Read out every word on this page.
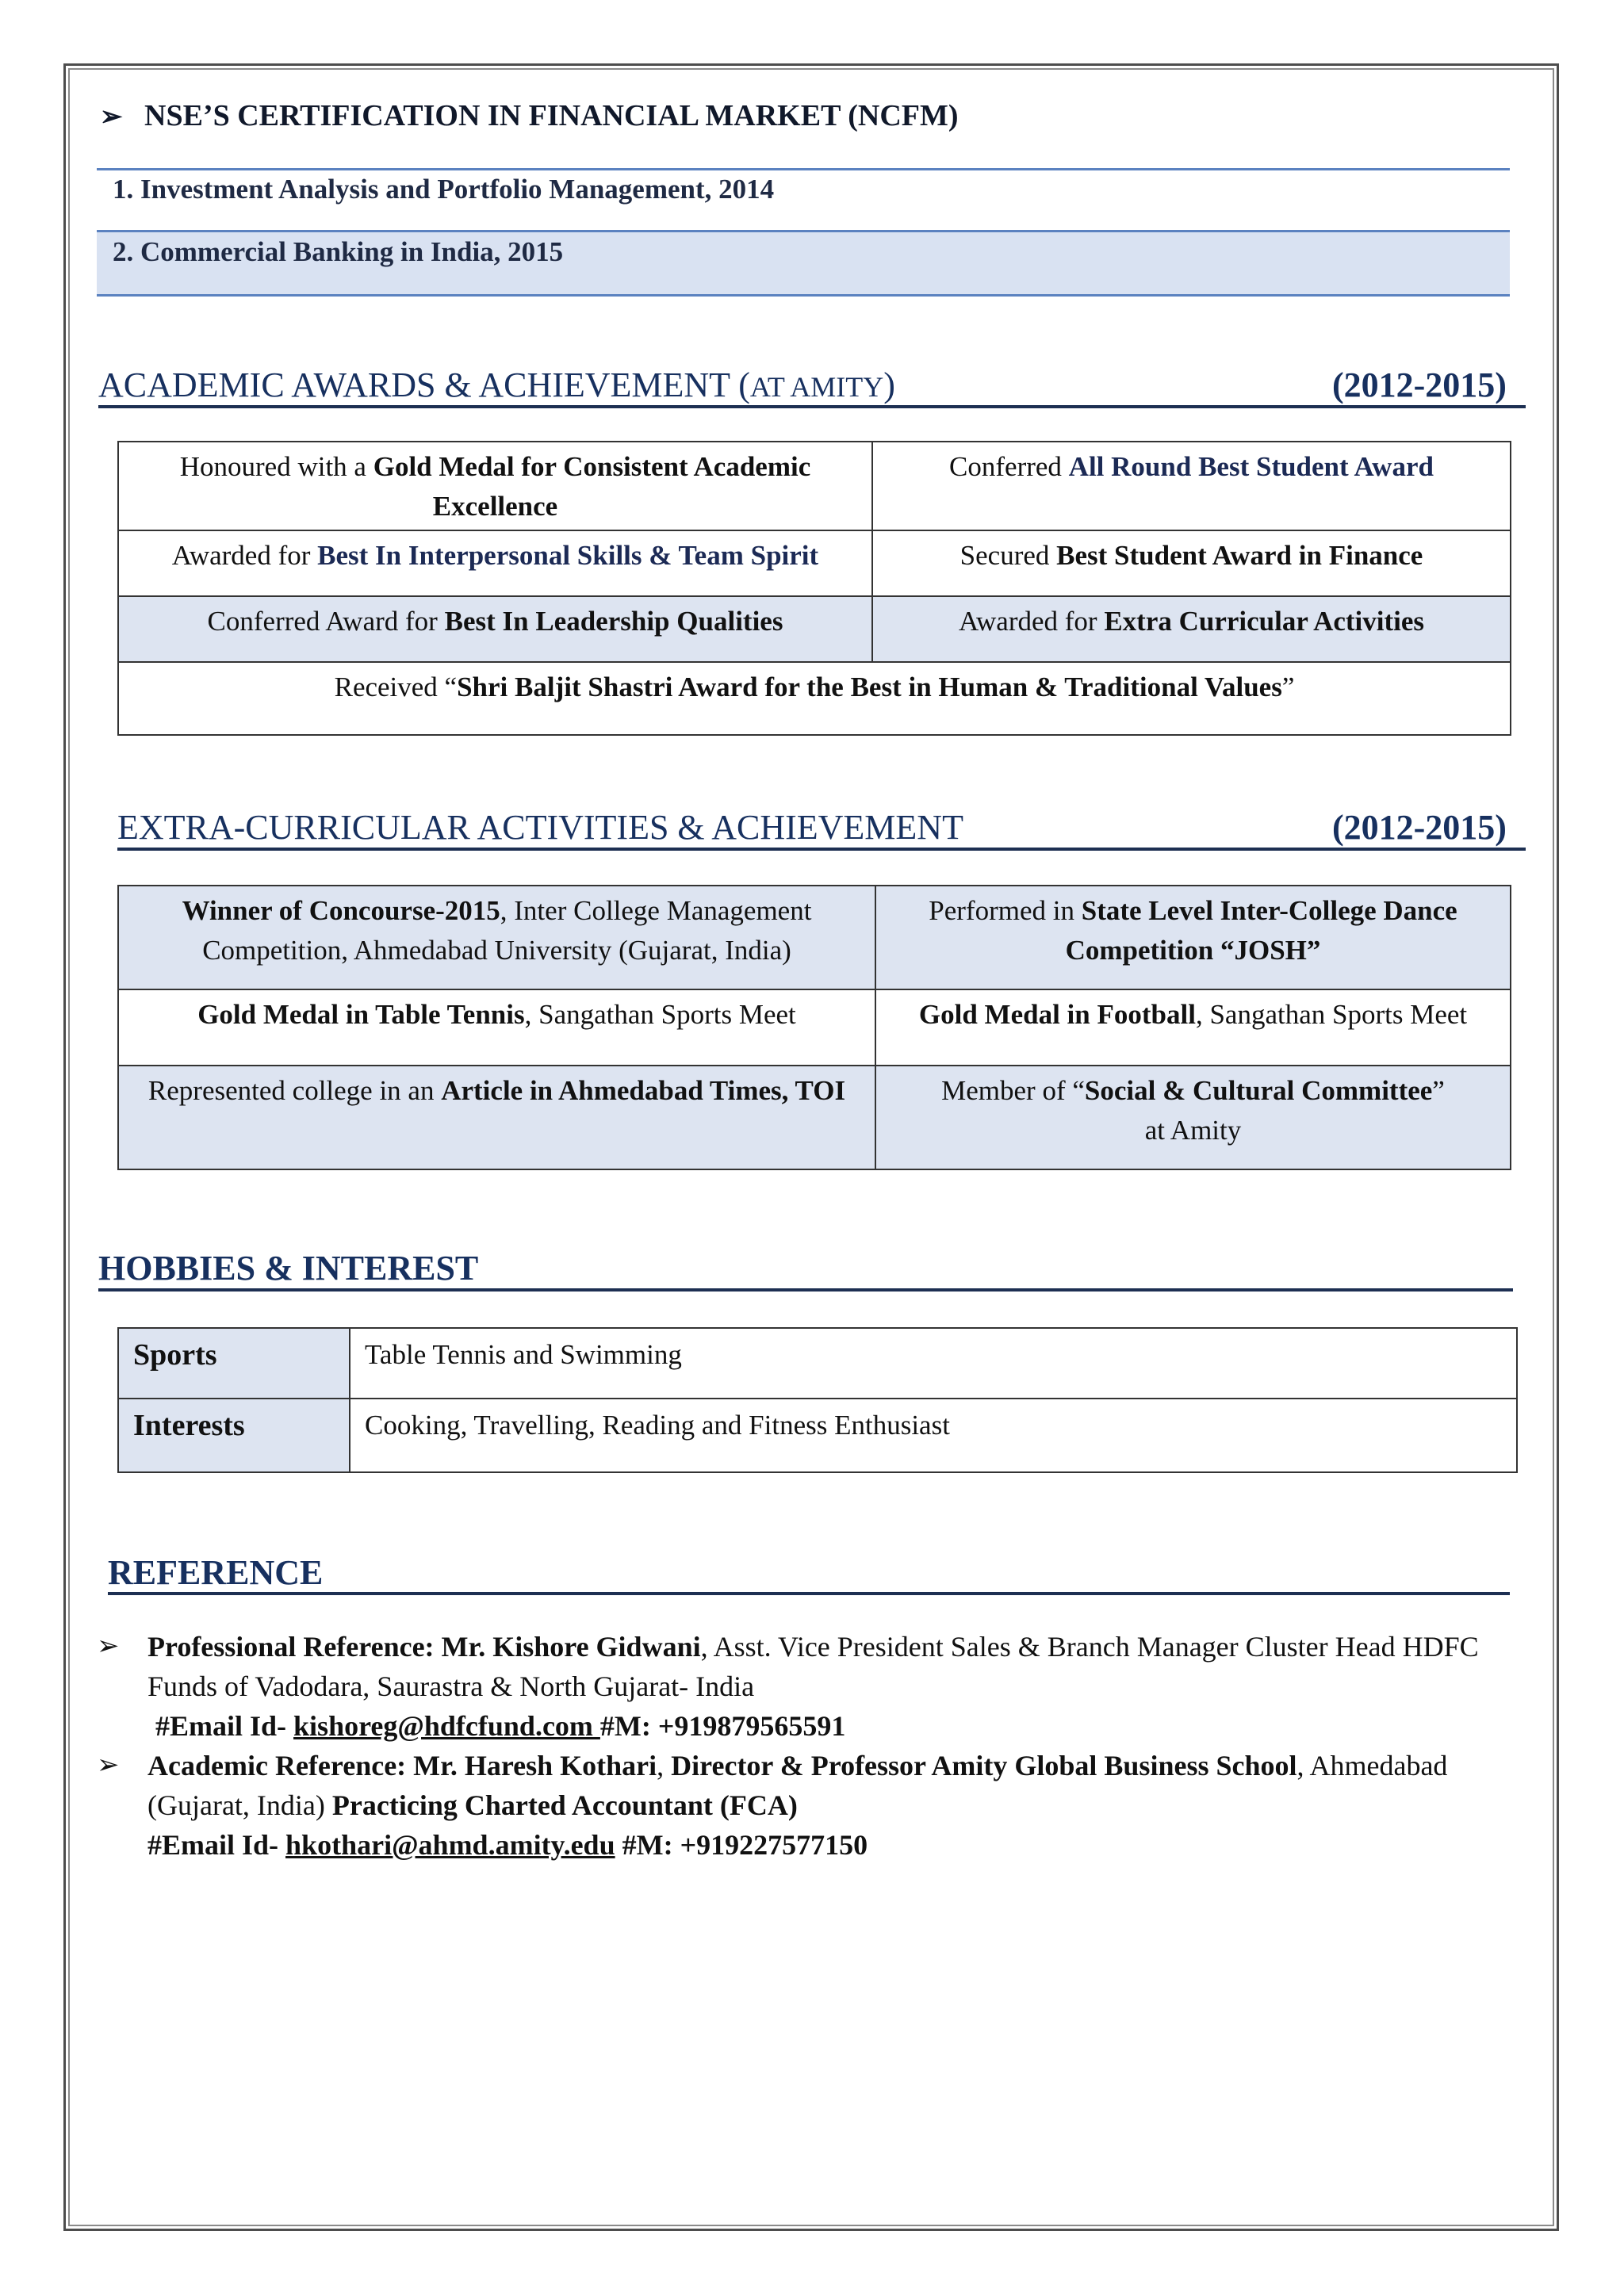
➢ NSE’S CERTIFICATION IN FINANCIAL MARKET (NCFM)
1. Investment Analysis and Portfolio Management, 2014
2. Commercial Banking in India, 2015
ACADEMIC AWARDS & ACHIEVEMENT (AT AMITY)	(2012-2015)
Honoured with a Gold Medal for Consistent Academic Excellence	Conferred All Round Best Student Award
Awarded for Best In Interpersonal Skills & Team Spirit	Secured Best Student Award in Finance
Conferred Award for Best In Leadership Qualities	Awarded for Extra Curricular Activities
Received “Shri Baljit Shastri Award for the Best in Human & Traditional Values”	
EXTRA-CURRICULAR ACTIVITIES & ACHIEVEMENT	(2012-2015)
Winner of Concourse-2015, Inter College Management Competition, Ahmedabad University (Gujarat, India)	Performed in State Level Inter-College Dance Competition “JOSH”
Gold Medal in Table Tennis, Sangathan Sports Meet	Gold Medal in Football, Sangathan Sports Meet
Represented college in an Article in Ahmedabad Times, TOI	Member of “Social & Cultural Committee”
at Amity
HOBBIES & INTEREST
Sports	Table Tennis and Swimming
Interests	Cooking, Travelling, Reading and Fitness Enthusiast
REFERENCE
➢ Professional Reference: Mr. Kishore Gidwani, Asst. Vice President Sales & Branch Manager Cluster Head HDFC Funds of Vadodara, Saurastra & North Gujarat- India
#Email Id- kishoreg@hdfcfund.com #M: +919879565591
➢ Academic Reference: Mr. Haresh Kothari, Director & Professor Amity Global Business School, Ahmedabad (Gujarat, India) Practicing Charted Accountant (FCA)
#Email Id- hkothari@ahmd.amity.edu #M: +919227577150
